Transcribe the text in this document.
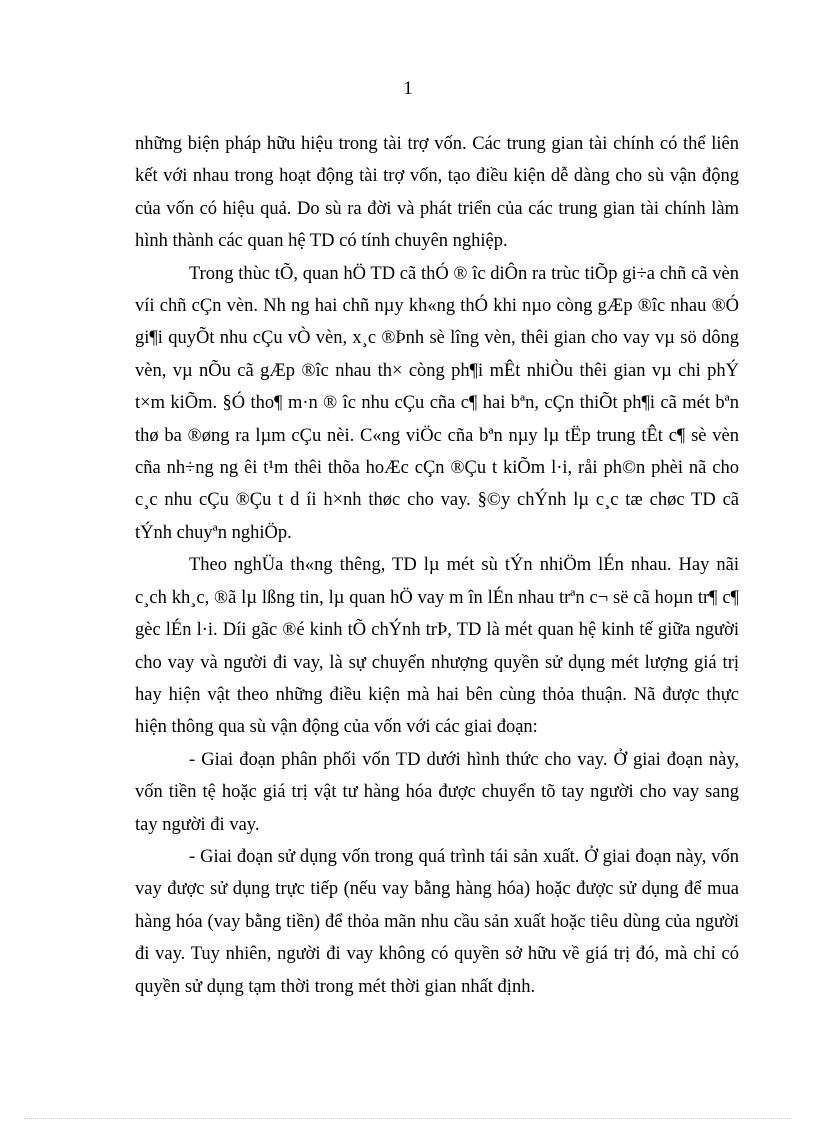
1

những biện pháp hữu hiệu trong tài trợ vốn. Các trung gian tài chính có thể liên kết với nhau trong hoạt động tài trợ vốn, tạo điều kiện dễ dàng cho sù vận động của vốn có hiệu quả. Do sù ra đời và phát triển của các trung gian tài chính làm hình thành các quan hệ TD có tính chuyên nghiệp.

Trong thùc tÕ, quan hÖ TD cã thÓ ® îc diÔn ra trùc tiÕp gi÷a chñ cã vèn víi chñ cÇn vèn. Nh ng hai chñ nµy kh«ng thÓ khi nµo còng gÆp ®îc nhau ®Ó gi¶i quyÕt nhu cÇu vÒ vèn, x¸c ®Þnh sè lîng vèn, thêi gian cho vay vµ sö dông vèn, vµ nÕu cã gÆp ®îc nhau th× còng ph¶i mÊt nhiÒu thêi gian vµ chi phÝ t×m kiÕm. §Ó tho¶ m·n ® îc nhu cÇu cña c¶ hai bªn, cÇn thiÕt ph¶i cã mét bªn thø ba ®øng ra lµm cÇu nèi. C«ng viÖc cña bªn nµy lµ tËp trung tÊt c¶ sè vèn cña nh÷ng ng êi t¹m thêi thõa hoÆc cÇn ®Çu t kiÕm l·i, råi ph©n phèi nã cho c¸c nhu cÇu ®Çu t d íi h×nh thøc cho vay. §©y chÝnh lµ c¸c tæ chøc TD cã tÝnh chuyªn nghiÖp.

Theo nghÜa th«ng thêng, TD lµ mét sù tÝn nhiÖm lÉn nhau. Hay nãi c¸ch kh¸c, ®ã lµ lßng tin, lµ quan hÖ vay m în lÉn nhau trªn c¬ së cã hoµn tr¶ c¶ gèc lÉn l·i. Díi gãc ®é kinh tÕ chÝnh trÞ, TD là mét quan hệ kinh tế giữa người cho vay và người đi vay, là sự chuyển nhượng quyền sử dụng mét lượng giá trị hay hiện vật theo những điều kiện mà hai bên cùng thỏa thuận. Nã được thực hiện thông qua sù vận động của vốn với các giai đoạn:

- Giai đoạn phân phối vốn TD dưới hình thức cho vay. Ở giai đoạn này, vốn tiền tệ hoặc giá trị vật tư hàng hóa được chuyển tõ tay người cho vay sang tay người đi vay.

- Giai đoạn sử dụng vốn trong quá trình tái sản xuất. Ở giai đoạn này, vốn vay được sử dụng trực tiếp (nếu vay bằng hàng hóa) hoặc được sử dụng để mua hàng hóa (vay bằng tiền) để thỏa mãn nhu cầu sản xuất hoặc tiêu dùng của người đi vay. Tuy nhiên, người đi vay không có quyền sở hữu về giá trị đó, mà chỉ có quyền sử dụng tạm thời trong mét thời gian nhất định.
